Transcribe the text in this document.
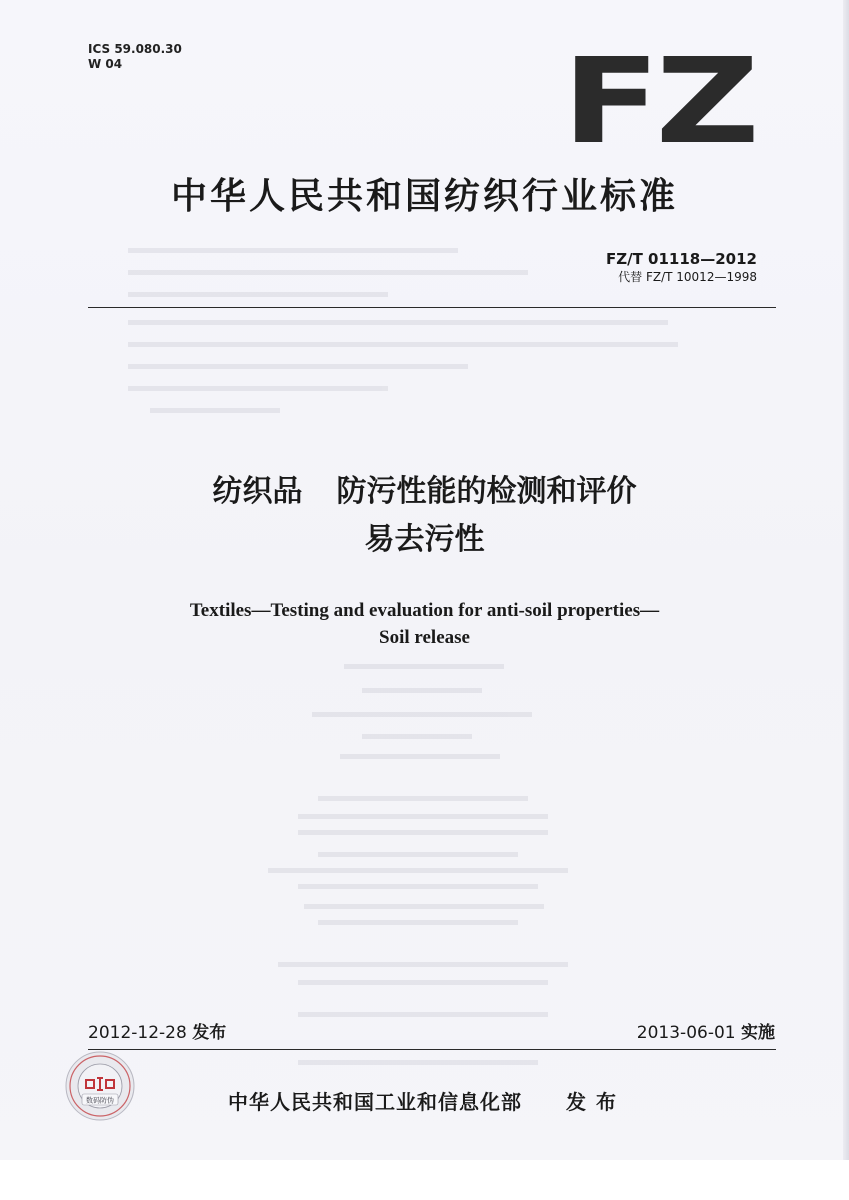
ICS 59.080.30
W 04	FZ
中华人民共和国纺织行业标准
FZ/T 01118—2012
代替 FZ/T 10012—1998
纺织品 防污性能的检测和评价
易去污性
Textiles—Testing and evaluation for anti-soil properties—
Soil release
2012-12-28 发布	2013-06-01 实施
数码防伪	中华人民共和国工业和信息化部 发布
